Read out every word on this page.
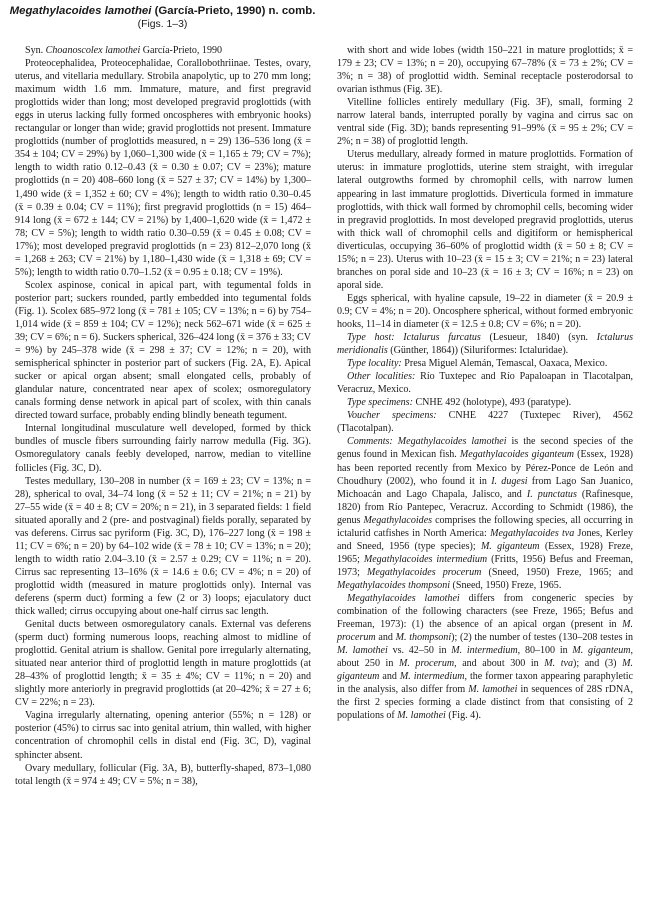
Megathylacoides lamothei (García-Prieto, 1990) n. comb.
(Figs. 1–3)

Syn. Choanoscolex lamothei García-Prieto, 1990

Proteocephalidea, Proteocephalidae, Corallobothriinae. Testes, ovary, uterus, and vitellaria medullary. Strobila anapolytic, up to 270 mm long; maximum width 1.6 mm. Immature, mature, and first pregravid proglottids wider than long; most developed pregravid proglottids (with eggs in uterus lacking fully formed oncospheres with embryonic hooks) rectangular or longer than wide; gravid proglottids not present. Immature proglottids (number of proglottids measured, n = 29) 136–536 long (x̄ = 354 ± 104; CV = 29%) by 1,060–1,300 wide (x̄ = 1,165 ± 79; CV = 7%); length to width ratio 0.12–0.43 (x̄ = 0.30 ± 0.07; CV = 23%); mature proglottids (n = 20) 408–660 long (x̄ = 527 ± 37; CV = 14%) by 1,300–1,490 wide (x̄ = 1,352 ± 60; CV = 4%); length to width ratio 0.30–0.45 (x̄ = 0.39 ± 0.04; CV = 11%); first pregravid proglottids (n = 15) 464–914 long (x̄ = 672 ± 144; CV = 21%) by 1,400–1,620 wide (x̄ = 1,472 ± 78; CV = 5%); length to width ratio 0.30–0.59 (x̄ = 0.45 ± 0.08; CV = 17%); most developed pregravid proglottids (n = 23) 812–2,070 long (x̄ = 1,268 ± 263; CV = 21%) by 1,180–1,430 wide (x̄ = 1,318 ± 69; CV = 5%); length to width ratio 0.70–1.52 (x̄ = 0.95 ± 0.18; CV = 19%).

Scolex aspinose, conical in apical part, with tegumental folds in posterior part; suckers rounded, partly embedded into tegumental folds (Fig. 1). Scolex 685–972 long (x̄ = 781 ± 105; CV = 13%; n = 6) by 754–1,014 wide (x̄ = 859 ± 104; CV = 12%); neck 562–671 wide (x̄ = 625 ± 39; CV = 6%; n = 6). Suckers spherical, 326–424 long (x̄ = 376 ± 33; CV = 9%) by 245–378 wide (x̄ = 298 ± 37; CV = 12%; n = 20), with semispherical sphincter in posterior part of suckers (Fig. 2A, E). Apical sucker or apical organ absent; small elongated cells, probably of glandular nature, concentrated near apex of scolex; osmoregulatory canals forming dense network in apical part of scolex, with thin canals directed toward surface, probably ending blindly beneath tegument.

Internal longitudinal musculature well developed, formed by thick bundles of muscle fibers surrounding fairly narrow medulla (Fig. 3G). Osmoregulatory canals feebly developed, narrow, median to vitelline follicles (Fig. 3C, D).

Testes medullary, 130–208 in number (x̄ = 169 ± 23; CV = 13%; n = 28), spherical to oval, 34–74 long (x̄ = 52 ± 11; CV = 21%; n = 21) by 27–55 wide (x̄ = 40 ± 8; CV = 20%; n = 21), in 3 separated fields: 1 field situated aporally and 2 (pre- and postvaginal) fields porally, separated by vas deferens. Cirrus sac pyriform (Fig. 3C, D), 176–227 long (x̄ = 198 ± 11; CV = 6%; n = 20) by 64–102 wide (x̄ = 78 ± 10; CV = 13%; n = 20); length to width ratio 2.04–3.10 (x̄ = 2.57 ± 0.29; CV = 11%; n = 20). Cirrus sac representing 13–16% (x̄ = 14.6 ± 0.6; CV = 4%; n = 20) of proglottid width (measured in mature proglottids only). Internal vas deferens (sperm duct) forming a few (2 or 3) loops; ejaculatory duct thick walled; cirrus occupying about one-half cirrus sac length.

Genital ducts between osmoregulatory canals. External vas deferens (sperm duct) forming numerous loops, reaching almost to midline of proglottid. Genital atrium is shallow. Genital pore irregularly alternating, situated near anterior third of proglottid length in mature proglottids (at 28–43% of proglottid length; x̄ = 35 ± 4%; CV = 11%; n = 20) and slightly more anteriorly in pregravid proglottids (at 20–42%; x̄ = 27 ± 6; CV = 22%; n = 23).

Vagina irregularly alternating, opening anterior (55%; n = 128) or posterior (45%) to cirrus sac into genital atrium, thin walled, with higher concentration of chromophil cells in distal end (Fig. 3C, D), vaginal sphincter absent.

Ovary medullary, follicular (Fig. 3A, B), butterfly-shaped, 873–1,080 total length (x̄ = 974 ± 49; CV = 5%; n = 38),

with short and wide lobes (width 150–221 in mature proglottids; x̄ = 179 ± 23; CV = 13%; n = 20), occupying 67–78% (x̄ = 73 ± 2%; CV = 3%; n = 38) of proglottid width. Seminal receptacle posterodorsal to ovarian isthmus (Fig. 3E).

Vitelline follicles entirely medullary (Fig. 3F), small, forming 2 narrow lateral bands, interrupted porally by vagina and cirrus sac on ventral side (Fig. 3D); bands representing 91–99% (x̄ = 95 ± 2%; CV = 2%; n = 38) of proglottid length.

Uterus medullary, already formed in mature proglottids. Formation of uterus: in immature proglottids, uterine stem straight, with irregular lateral outgrowths formed by chromophil cells, with narrow lumen appearing in last immature proglottids. Diverticula formed in immature proglottids, with thick wall formed by chromophil cells, becoming wider in pregravid proglottids. In most developed pregravid proglottids, uterus with thick wall of chromophil cells and digitiform or hemispherical diverticulas, occupying 36–60% of proglottid width (x̄ = 50 ± 8; CV = 15%; n = 23). Uterus with 10–23 (x̄ = 15 ± 3; CV = 21%; n = 23) lateral branches on poral side and 10–23 (x̄ = 16 ± 3; CV = 16%; n = 23) on aporal side.

Eggs spherical, with hyaline capsule, 19–22 in diameter (x̄ = 20.9 ± 0.9; CV = 4%; n = 20). Oncosphere spherical, without formed embryonic hooks, 11–14 in diameter (x̄ = 12.5 ± 0.8; CV = 6%; n = 20).

Type host: Ictalurus furcatus (Lesueur, 1840) (syn. Ictalurus meridionalis (Günther, 1864)) (Siluriformes: Ictaluridae).

Type locality: Presa Miguel Alemán, Temascal, Oaxaca, Mexico.

Other localities: Río Tuxtepec and Río Papaloapan in Tlacotalpan, Veracruz, Mexico.

Type specimens: CNHE 492 (holotype), 493 (paratype).

Voucher specimens: CNHE 4227 (Tuxtepec River), 4562 (Tlacotalpan).

Comments: Megathylacoides lamothei is the second species of the genus found in Mexican fish. Megathylacoides giganteum (Essex, 1928) has been reported recently from Mexico by Pérez-Ponce de León and Choudhury (2002), who found it in I. dugesi from Lago San Juanico, Michoacán and Lago Chapala, Jalisco, and I. punctatus (Rafinesque, 1820) from Río Pantepec, Veracruz. According to Schmidt (1986), the genus Megathylacoides comprises the following species, all occurring in ictalurid catfishes in North America: Megathylacoides tva Jones, Kerley and Sneed, 1956 (type species); M. giganteum (Essex, 1928) Freze, 1965; Megathylacoides intermedium (Fritts, 1956) Befus and Freeman, 1973; Megathylacoides procerum (Sneed, 1950) Freze, 1965; and Megathylacoides thompsoni (Sneed, 1950) Freze, 1965.

Megathylacoides lamothei differs from congeneric species by combination of the following characters (see Freze, 1965; Befus and Freeman, 1973): (1) the absence of an apical organ (present in M. procerum and M. thompsoni); (2) the number of testes (130–208 testes in M. lamothei vs. 42–50 in M. intermedium, 80–100 in M. giganteum, about 250 in M. procerum, and about 300 in M. tva); and (3) M. giganteum and M. intermedium, the former taxon appearing paraphyletic in the analysis, also differ from M. lamothei in sequences of 28S rDNA, the first 2 species forming a clade distinct from that consisting of 2 populations of M. lamothei (Fig. 4).
